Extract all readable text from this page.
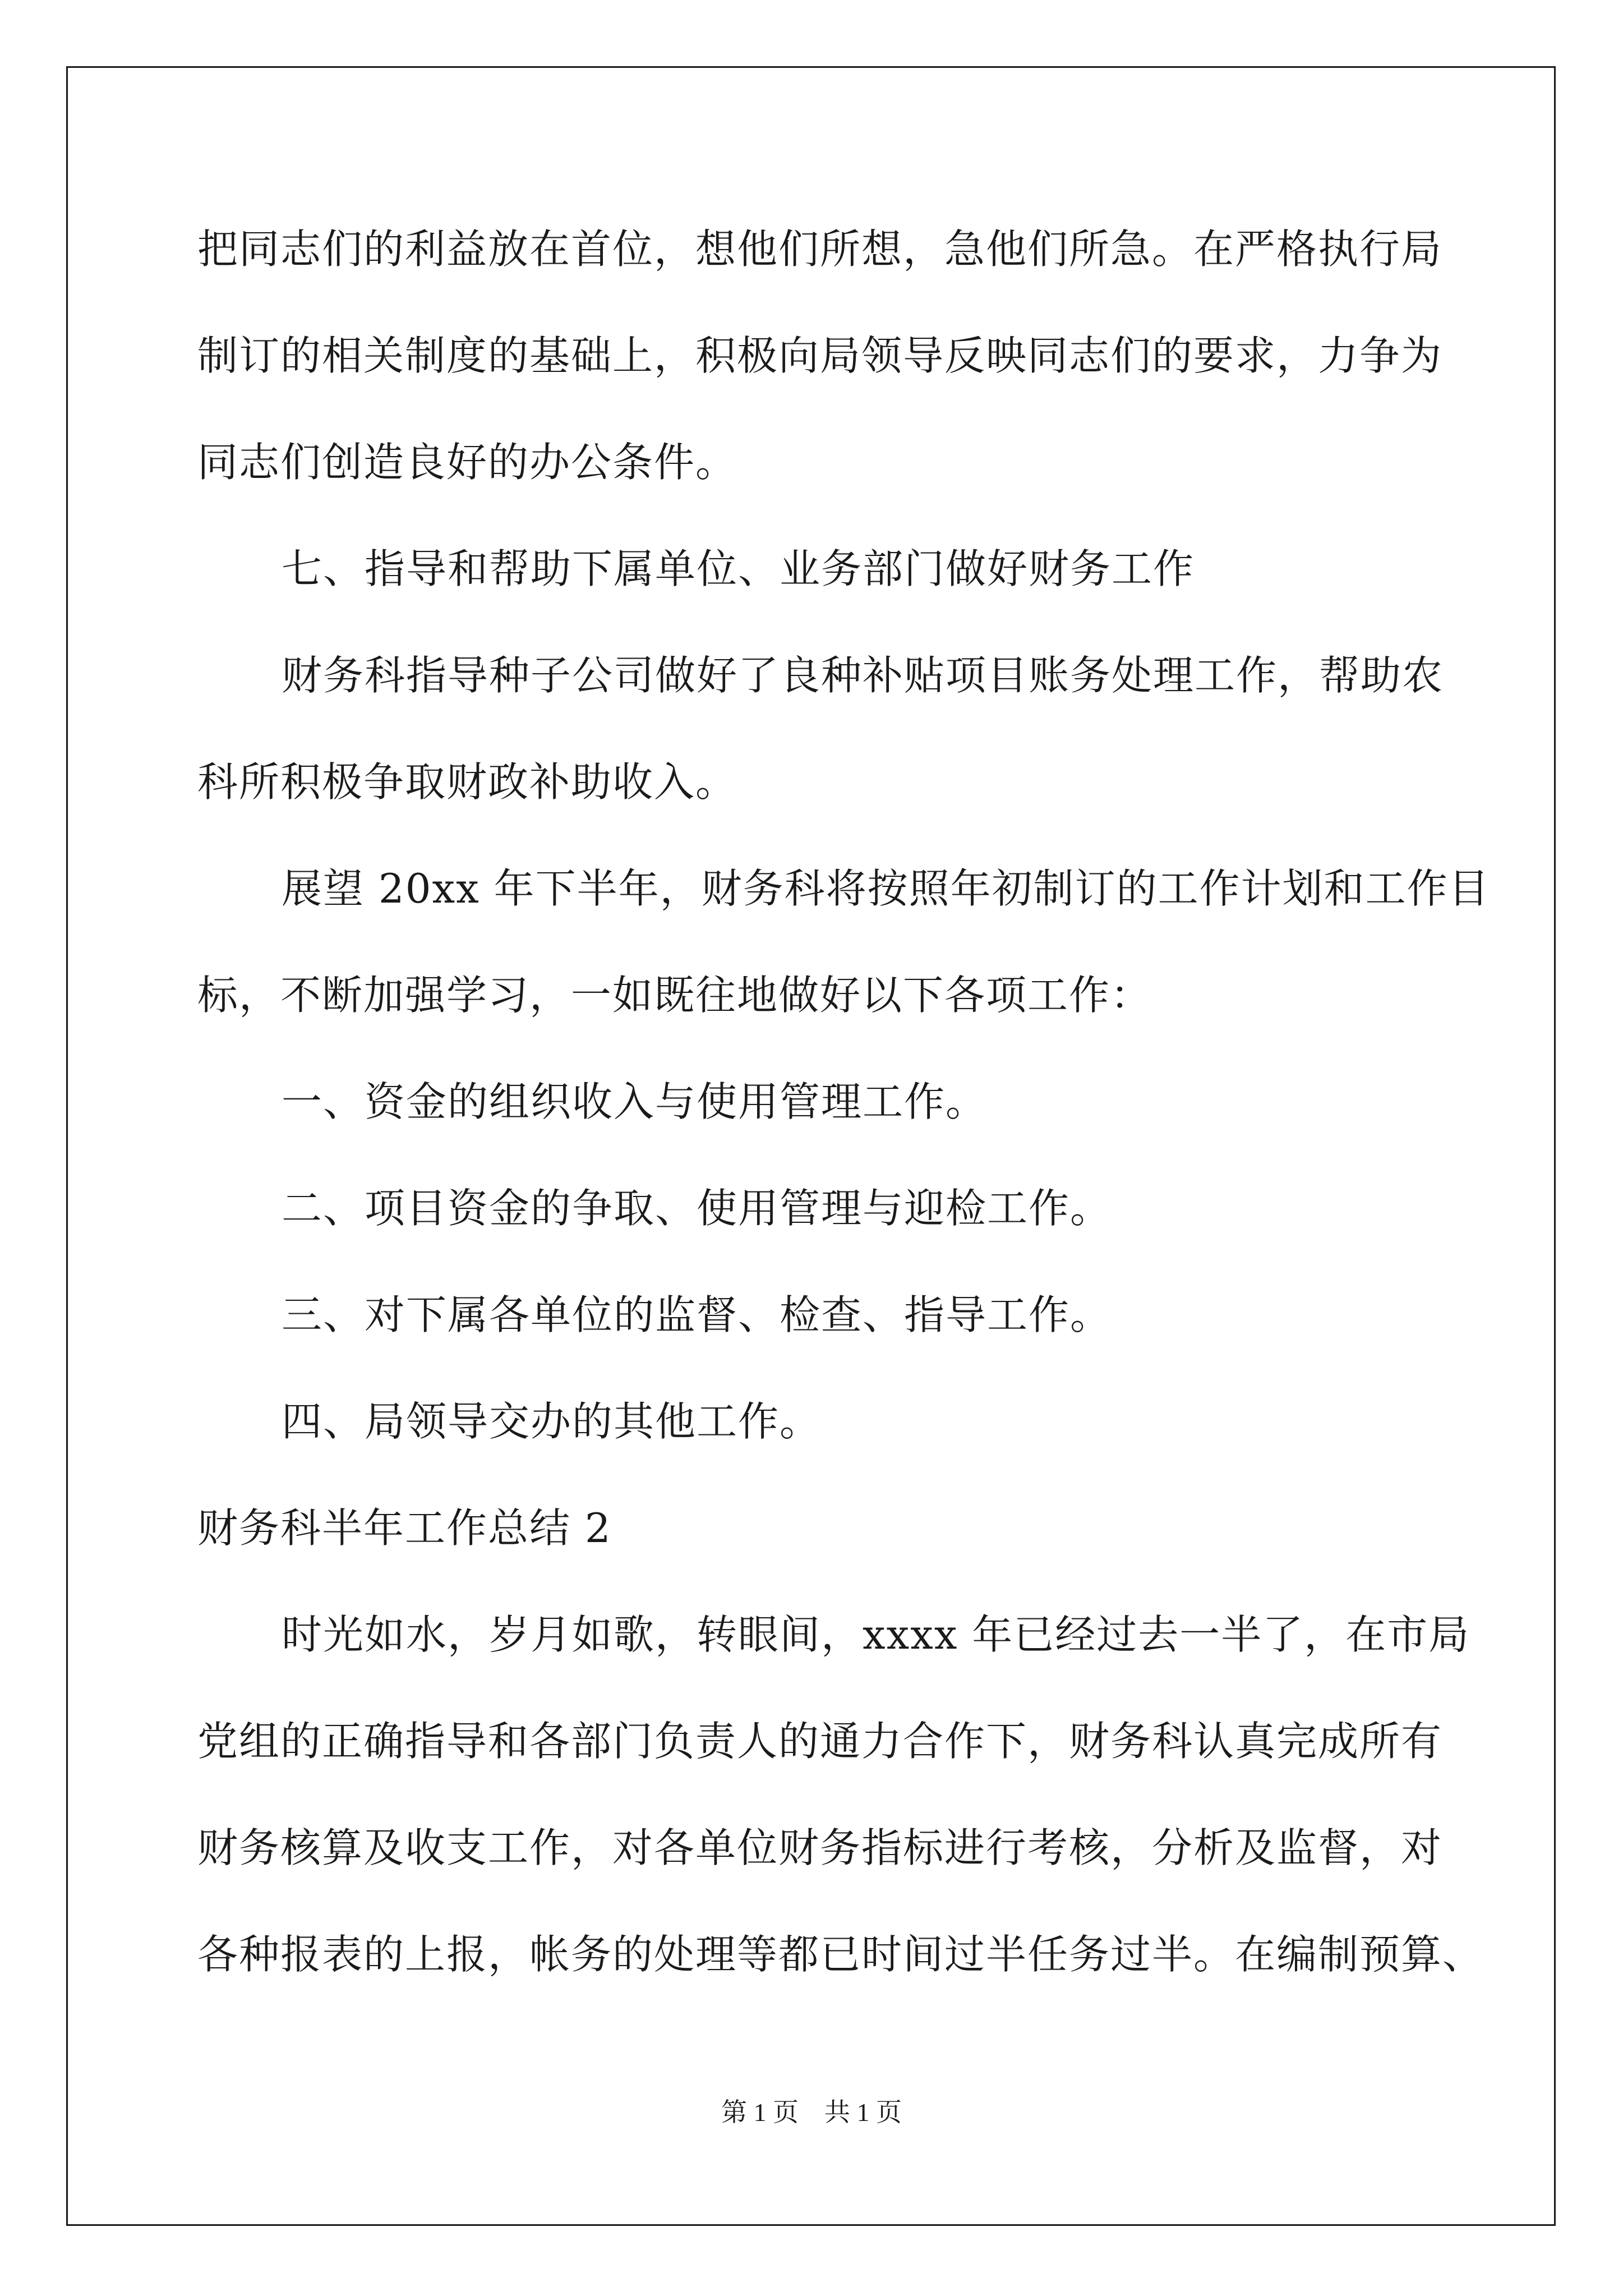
把同志们的利益放在首位，想他们所想，急他们所急。在严格执行局
制订的相关制度的基础上，积极向局领导反映同志们的要求，力争为
同志们创造良好的办公条件。
七、指导和帮助下属单位、业务部门做好财务工作
财务科指导种子公司做好了良种补贴项目账务处理工作，帮助农
科所积极争取财政补助收入。
展望 20xx 年下半年，财务科将按照年初制订的工作计划和工作目
标，不断加强学习，一如既往地做好以下各项工作：
一、资金的组织收入与使用管理工作。
二、项目资金的争取、使用管理与迎检工作。
三、对下属各单位的监督、检查、指导工作。
四、局领导交办的其他工作。
财务科半年工作总结 2
时光如水，岁月如歌，转眼间，xxxx 年已经过去一半了，在市局
党组的正确指导和各部门负责人的通力合作下，财务科认真完成所有
财务核算及收支工作，对各单位财务指标进行考核，分析及监督，对
各种报表的上报，帐务的处理等都已时间过半任务过半。在编制预算、
第 1 页　共 1 页
